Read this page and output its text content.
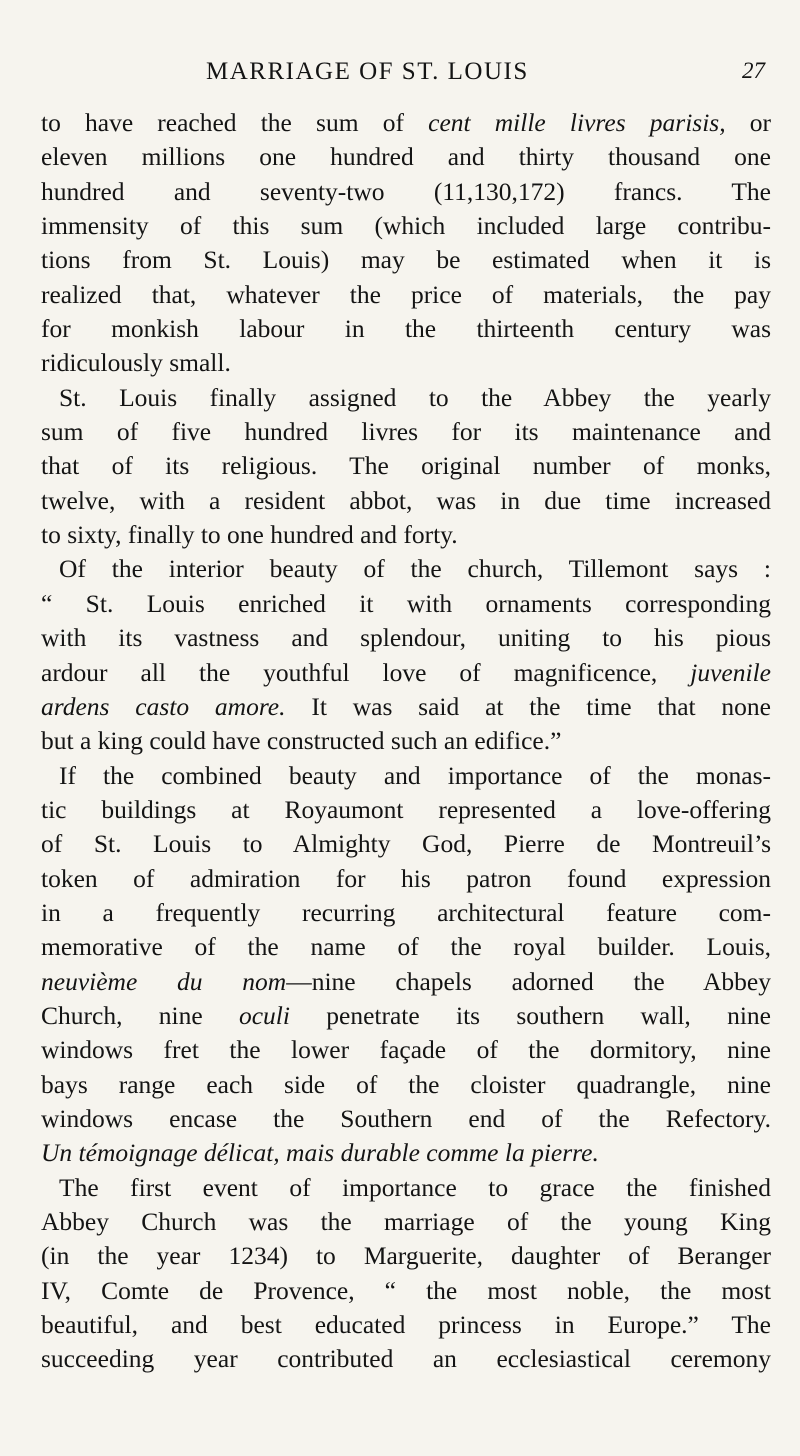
MARRIAGE OF ST. LOUIS	27
to have reached the sum of cent mille livres parisis, or
eleven millions one hundred and thirty thousand one
hundred and seventy-two (11,130,172) francs. The
immensity of this sum (which included large contribu-
tions from St. Louis) may be estimated when it is
realized that, whatever the price of materials, the pay
for monkish labour in the thirteenth century was
ridiculously small.
St. Louis finally assigned to the Abbey the yearly
sum of five hundred livres for its maintenance and
that of its religious. The original number of monks,
twelve, with a resident abbot, was in due time increased
to sixty, finally to one hundred and forty.
Of the interior beauty of the church, Tillemont says :
“ St. Louis enriched it with ornaments corresponding
with its vastness and splendour, uniting to his pious
ardour all the youthful love of magnificence, juvenile
ardens casto amore. It was said at the time that none
but a king could have constructed such an edifice.”
If the combined beauty and importance of the monas-
tic buildings at Royaumont represented a love-offering
of St. Louis to Almighty God, Pierre de Montreuil’s
token of admiration for his patron found expression
in a frequently recurring architectural feature com-
memorative of the name of the royal builder. Louis,
neuvième du nom—nine chapels adorned the Abbey
Church, nine oculi penetrate its southern wall, nine
windows fret the lower façade of the dormitory, nine
bays range each side of the cloister quadrangle, nine
windows encase the Southern end of the Refectory.
Un témoignage délicat, mais durable comme la pierre.
The first event of importance to grace the finished
Abbey Church was the marriage of the young King
(in the year 1234) to Marguerite, daughter of Beranger
IV, Comte de Provence, “ the most noble, the most
beautiful, and best educated princess in Europe.” The
succeeding year contributed an ecclesiastical ceremony
